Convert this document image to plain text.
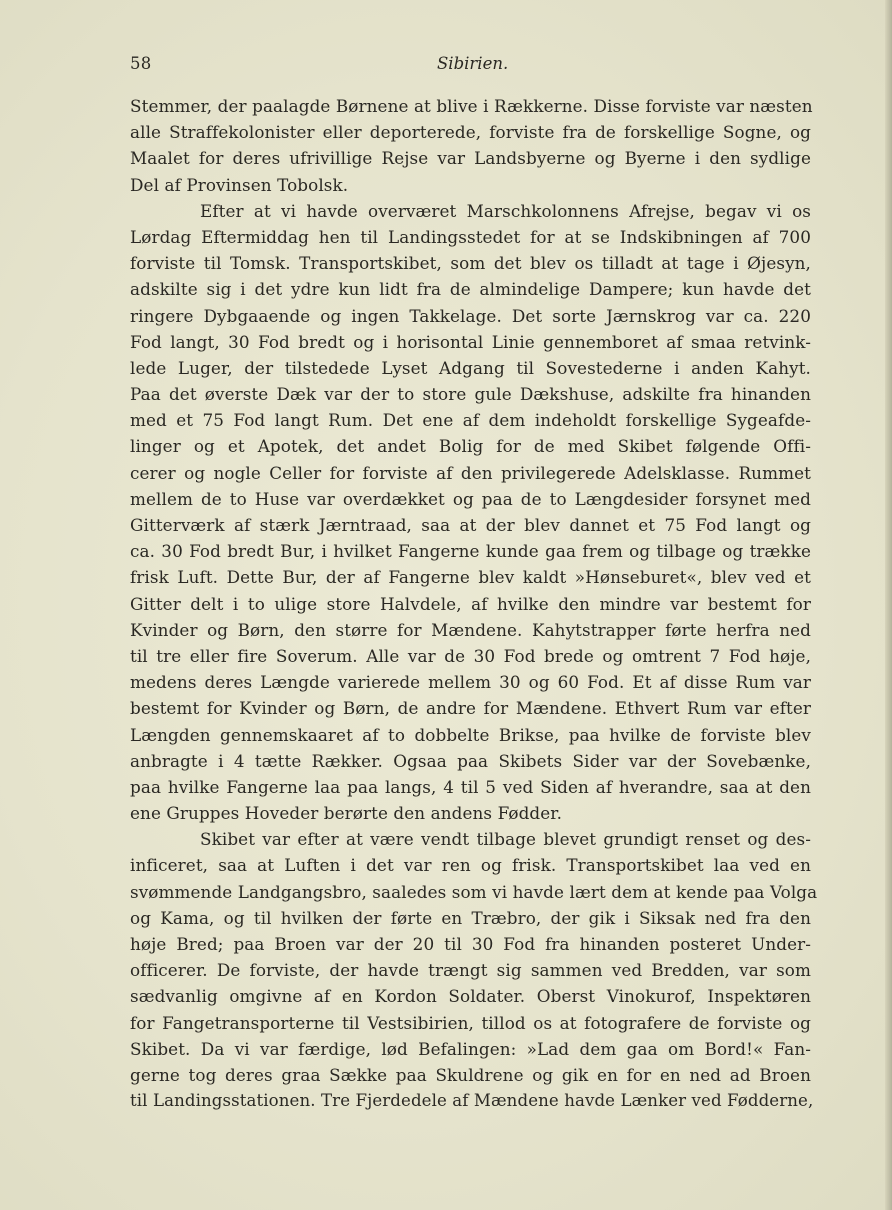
58	Sibirien.
Stemmer, der paalagde Børnene at blive i Rækkerne. Disse forviste var næsten
alle Straffekolonister eller deporterede, forviste fra de forskellige Sogne, og
Maalet for deres ufrivillige Rejse var Landsbyerne og Byerne i den sydlige
Del af Provinsen Tobolsk.
Efter at vi havde overværet Marschkolonnens Afrejse, begav vi os
Lørdag Eftermiddag hen til Landingsstedet for at se Indskibningen af 700
forviste til Tomsk. Transportskibet, som det blev os tilladt at tage i Øjesyn,
adskilte sig i det ydre kun lidt fra de almindelige Dampere; kun havde det
ringere Dybgaaende og ingen Takkelage. Det sorte Jærnskrog var ca. 220
Fod langt, 30 Fod bredt og i horisontal Linie gennemboret af smaa retvink-
lede Luger, der tilstedede Lyset Adgang til Sovestederne i anden Kahyt.
Paa det øverste Dæk var der to store gule Dækshuse, adskilte fra hinanden
med et 75 Fod langt Rum. Det ene af dem indeholdt forskellige Sygeafde-
linger og et Apotek, det andet Bolig for de med Skibet følgende Offi-
cerer og nogle Celler for forviste af den privilegerede Adelsklasse. Rummet
mellem de to Huse var overdækket og paa de to Længdesider forsynet med
Gitterværk af stærk Jærntraad, saa at der blev dannet et 75 Fod langt og
ca. 30 Fod bredt Bur, i hvilket Fangerne kunde gaa frem og tilbage og trække
frisk Luft. Dette Bur, der af Fangerne blev kaldt »Hønseburet«, blev ved et
Gitter delt i to ulige store Halvdele, af hvilke den mindre var bestemt for
Kvinder og Børn, den større for Mændene. Kahytstrapper førte herfra ned
til tre eller fire Soverum. Alle var de 30 Fod brede og omtrent 7 Fod høje,
medens deres Længde varierede mellem 30 og 60 Fod. Et af disse Rum var
bestemt for Kvinder og Børn, de andre for Mændene. Ethvert Rum var efter
Længden gennemskaaret af to dobbelte Brikse, paa hvilke de forviste blev
anbragte i 4 tætte Rækker. Ogsaa paa Skibets Sider var der Sovebænke,
paa hvilke Fangerne laa paa langs, 4 til 5 ved Siden af hverandre, saa at den
ene Gruppes Hoveder berørte den andens Fødder.
Skibet var efter at være vendt tilbage blevet grundigt renset og des-
inficeret, saa at Luften i det var ren og frisk. Transportskibet laa ved en
svømmende Landgangsbro, saaledes som vi havde lært dem at kende paa Volga
og Kama, og til hvilken der førte en Træbro, der gik i Siksak ned fra den
høje Bred; paa Broen var der 20 til 30 Fod fra hinanden posteret Under-
officerer. De forviste, der havde trængt sig sammen ved Bredden, var som
sædvanlig omgivne af en Kordon Soldater. Oberst Vinokurof, Inspektøren
for Fangetransporterne til Vestsibirien, tillod os at fotografere de forviste og
Skibet. Da vi var færdige, lød Befalingen: »Lad dem gaa om Bord!« Fan-
gerne tog deres graa Sække paa Skuldrene og gik en for en ned ad Broen
til Landingsstationen. Tre Fjerdedele af Mændene havde Lænker ved Fødderne,
